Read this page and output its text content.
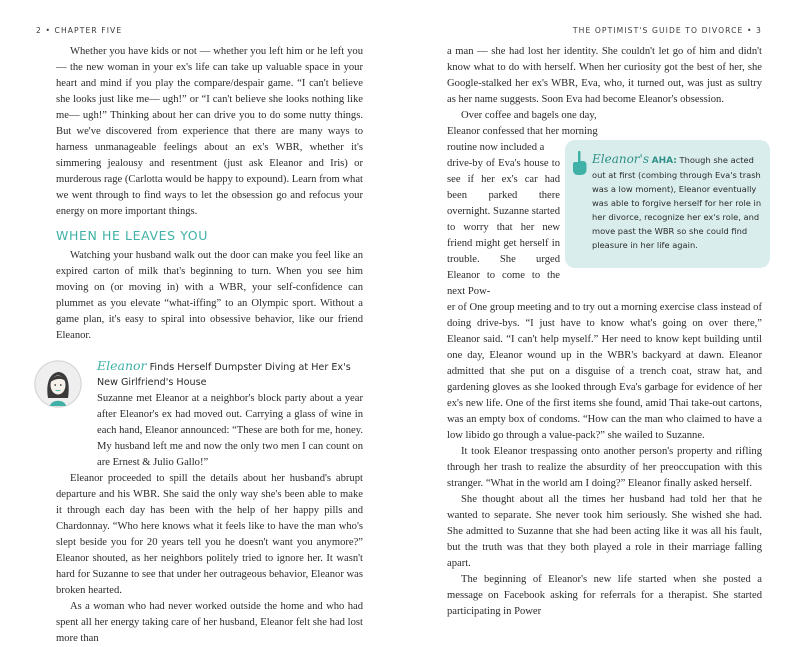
2 • CHAPTER FIVE

Whether you have kids or not — whether you left him or he left you — the new woman in your ex's life can take up valuable space in your heart and mind if you play the compare/despair game. “I can't believe she looks just like me— ugh!” or “I can't believe she looks nothing like me— ugh!” Thinking about her can drive you to do some nutty things. But we've discovered from experience that there are many ways to harness unmanageable feelings about an ex's WBR, whether it's simmering jealousy and resentment (just ask Eleanor and Iris) or murderous rage (Carlotta would be happy to expound). Learn from what we went through to find ways to let the obsession go and refocus your energy on more important things.

WHEN HE LEAVES YOU

Watching your husband walk out the door can make you feel like an expired carton of milk that's beginning to turn. When you see him moving on (or moving in) with a WBR, your self-confidence can plummet as you elevate “what-iffing” to an Olympic sport. Without a game plan, it's easy to spiral into obsessive behavior, like our friend Eleanor.

Eleanor Finds Herself Dumpster Diving at Her Ex's New Girlfriend's House

Suzanne met Eleanor at a neighbor's block party about a year after Eleanor's ex had moved out. Carrying a glass of wine in each hand, Eleanor announced: “These are both for me, honey. My husband left me and now the only two men I can count on are Ernest & Julio Gallo!”

Eleanor proceeded to spill the details about her husband's abrupt departure and his WBR. She said the only way she's been able to make it through each day has been with the help of her happy pills and Chardonnay. “Who here knows what it feels like to have the man who's slept beside you for 20 years tell you he doesn't want you anymore?” Eleanor shouted, as her neighbors politely tried to ignore her. It wasn't hard for Suzanne to see that under her outrageous behavior, Eleanor was broken hearted.

As a woman who had never worked outside the home and who had spent all her energy taking care of her husband, Eleanor felt she had lost more than

THE OPTIMIST'S GUIDE TO DIVORCE • 3

a man — she had lost her identity. She couldn't let go of him and didn't know what to do with herself. When her curiosity got the best of her, she Google-stalked her ex's WBR, Eva, who, it turned out, was just as sultry as her name suggests. Soon Eva had become Eleanor's obsession.

Over coffee and bagels one day, Eleanor confessed that her morning routine now included a

drive-by of Eva's house to see if her ex's car had been parked there overnight. Suzanne started to worry that her new friend might get herself in trouble. She urged Eleanor to come to the next Pow-

er of One group meeting and to try out a morning exercise class instead of doing drive-bys. “I just have to know what's going on over there,” Eleanor said. “I can't help myself.” Her need to know kept building until one day, Eleanor wound up in the WBR's backyard at dawn. Eleanor admitted that she put on a disguise of a trench coat, straw hat, and gardening gloves as she looked through Eva's garbage for evidence of her ex's new life. One of the first items she found, amid Thai take-out cartons, was an empty box of condoms. “How can the man who claimed to have a low libido go through a value-pack?” she wailed to Suzanne.

It took Eleanor trespassing onto another person's property and rifling through her trash to realize the absurdity of her preoccupation with this stranger. “What in the world am I doing?” Eleanor finally asked herself.

She thought about all the times her husband had told her that he wanted to separate. She never took him seriously. She wished she had. She admitted to Suzanne that she had been acting like it was all his fault, but the truth was that they both played a role in their marriage falling apart.

The beginning of Eleanor's new life started when she posted a message on Facebook asking for referrals for a therapist. She started participating in Power

Eleanor's AHA: Though she acted out at first (combing through Eva's trash was a low moment), Eleanor eventually was able to forgive herself for her role in her divorce, recognize her ex's role, and move past the WBR so she could find pleasure in her life again.
